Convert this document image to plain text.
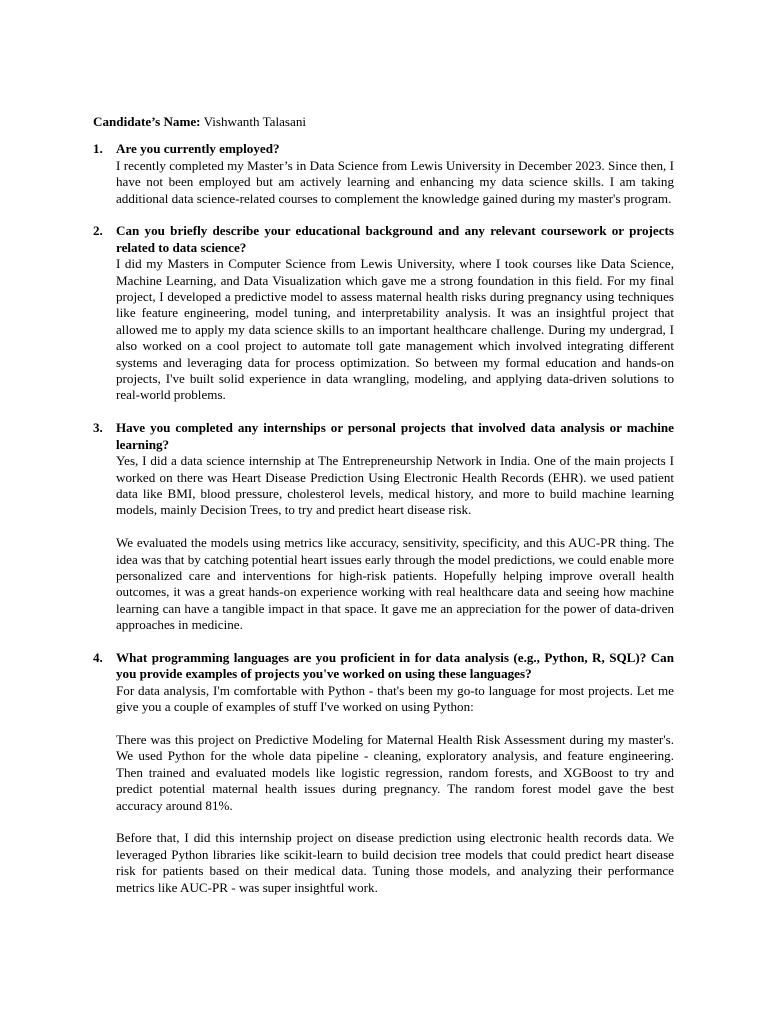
Candidate’s Name: Vishwanth Talasani

1. Are you currently employed?

I recently completed my Master’s in Data Science from Lewis University in December 2023. Since then, I have not been employed but am actively learning and enhancing my data science skills. I am taking additional data science-related courses to complement the knowledge gained during my master's program.

2. Can you briefly describe your educational background and any relevant coursework or projects related to data science?

I did my Masters in Computer Science from Lewis University, where I took courses like Data Science, Machine Learning, and Data Visualization which gave me a strong foundation in this field. For my final project, I developed a predictive model to assess maternal health risks during pregnancy using techniques like feature engineering, model tuning, and interpretability analysis. It was an insightful project that allowed me to apply my data science skills to an important healthcare challenge. During my undergrad, I also worked on a cool project to automate toll gate management which involved integrating different systems and leveraging data for process optimization. So between my formal education and hands-on projects, I've built solid experience in data wrangling, modeling, and applying data-driven solutions to real-world problems.

3. Have you completed any internships or personal projects that involved data analysis or machine learning?

Yes, I did a data science internship at The Entrepreneurship Network in India. One of the main projects I worked on there was Heart Disease Prediction Using Electronic Health Records (EHR). we used patient data like BMI, blood pressure, cholesterol levels, medical history, and more to build machine learning models, mainly Decision Trees, to try and predict heart disease risk.

We evaluated the models using metrics like accuracy, sensitivity, specificity, and this AUC-PR thing. The idea was that by catching potential heart issues early through the model predictions, we could enable more personalized care and interventions for high-risk patients. Hopefully helping improve overall health outcomes, it was a great hands-on experience working with real healthcare data and seeing how machine learning can have a tangible impact in that space. It gave me an appreciation for the power of data-driven approaches in medicine.

4. What programming languages are you proficient in for data analysis (e.g., Python, R, SQL)? Can you provide examples of projects you've worked on using these languages?

For data analysis, I'm comfortable with Python - that's been my go-to language for most projects. Let me give you a couple of examples of stuff I've worked on using Python:

There was this project on Predictive Modeling for Maternal Health Risk Assessment during my master's. We used Python for the whole data pipeline - cleaning, exploratory analysis, and feature engineering. Then trained and evaluated models like logistic regression, random forests, and XGBoost to try and predict potential maternal health issues during pregnancy. The random forest model gave the best accuracy around 81%.

Before that, I did this internship project on disease prediction using electronic health records data. We leveraged Python libraries like scikit-learn to build decision tree models that could predict heart disease risk for patients based on their medical data. Tuning those models, and analyzing their performance metrics like AUC-PR - was super insightful work.
